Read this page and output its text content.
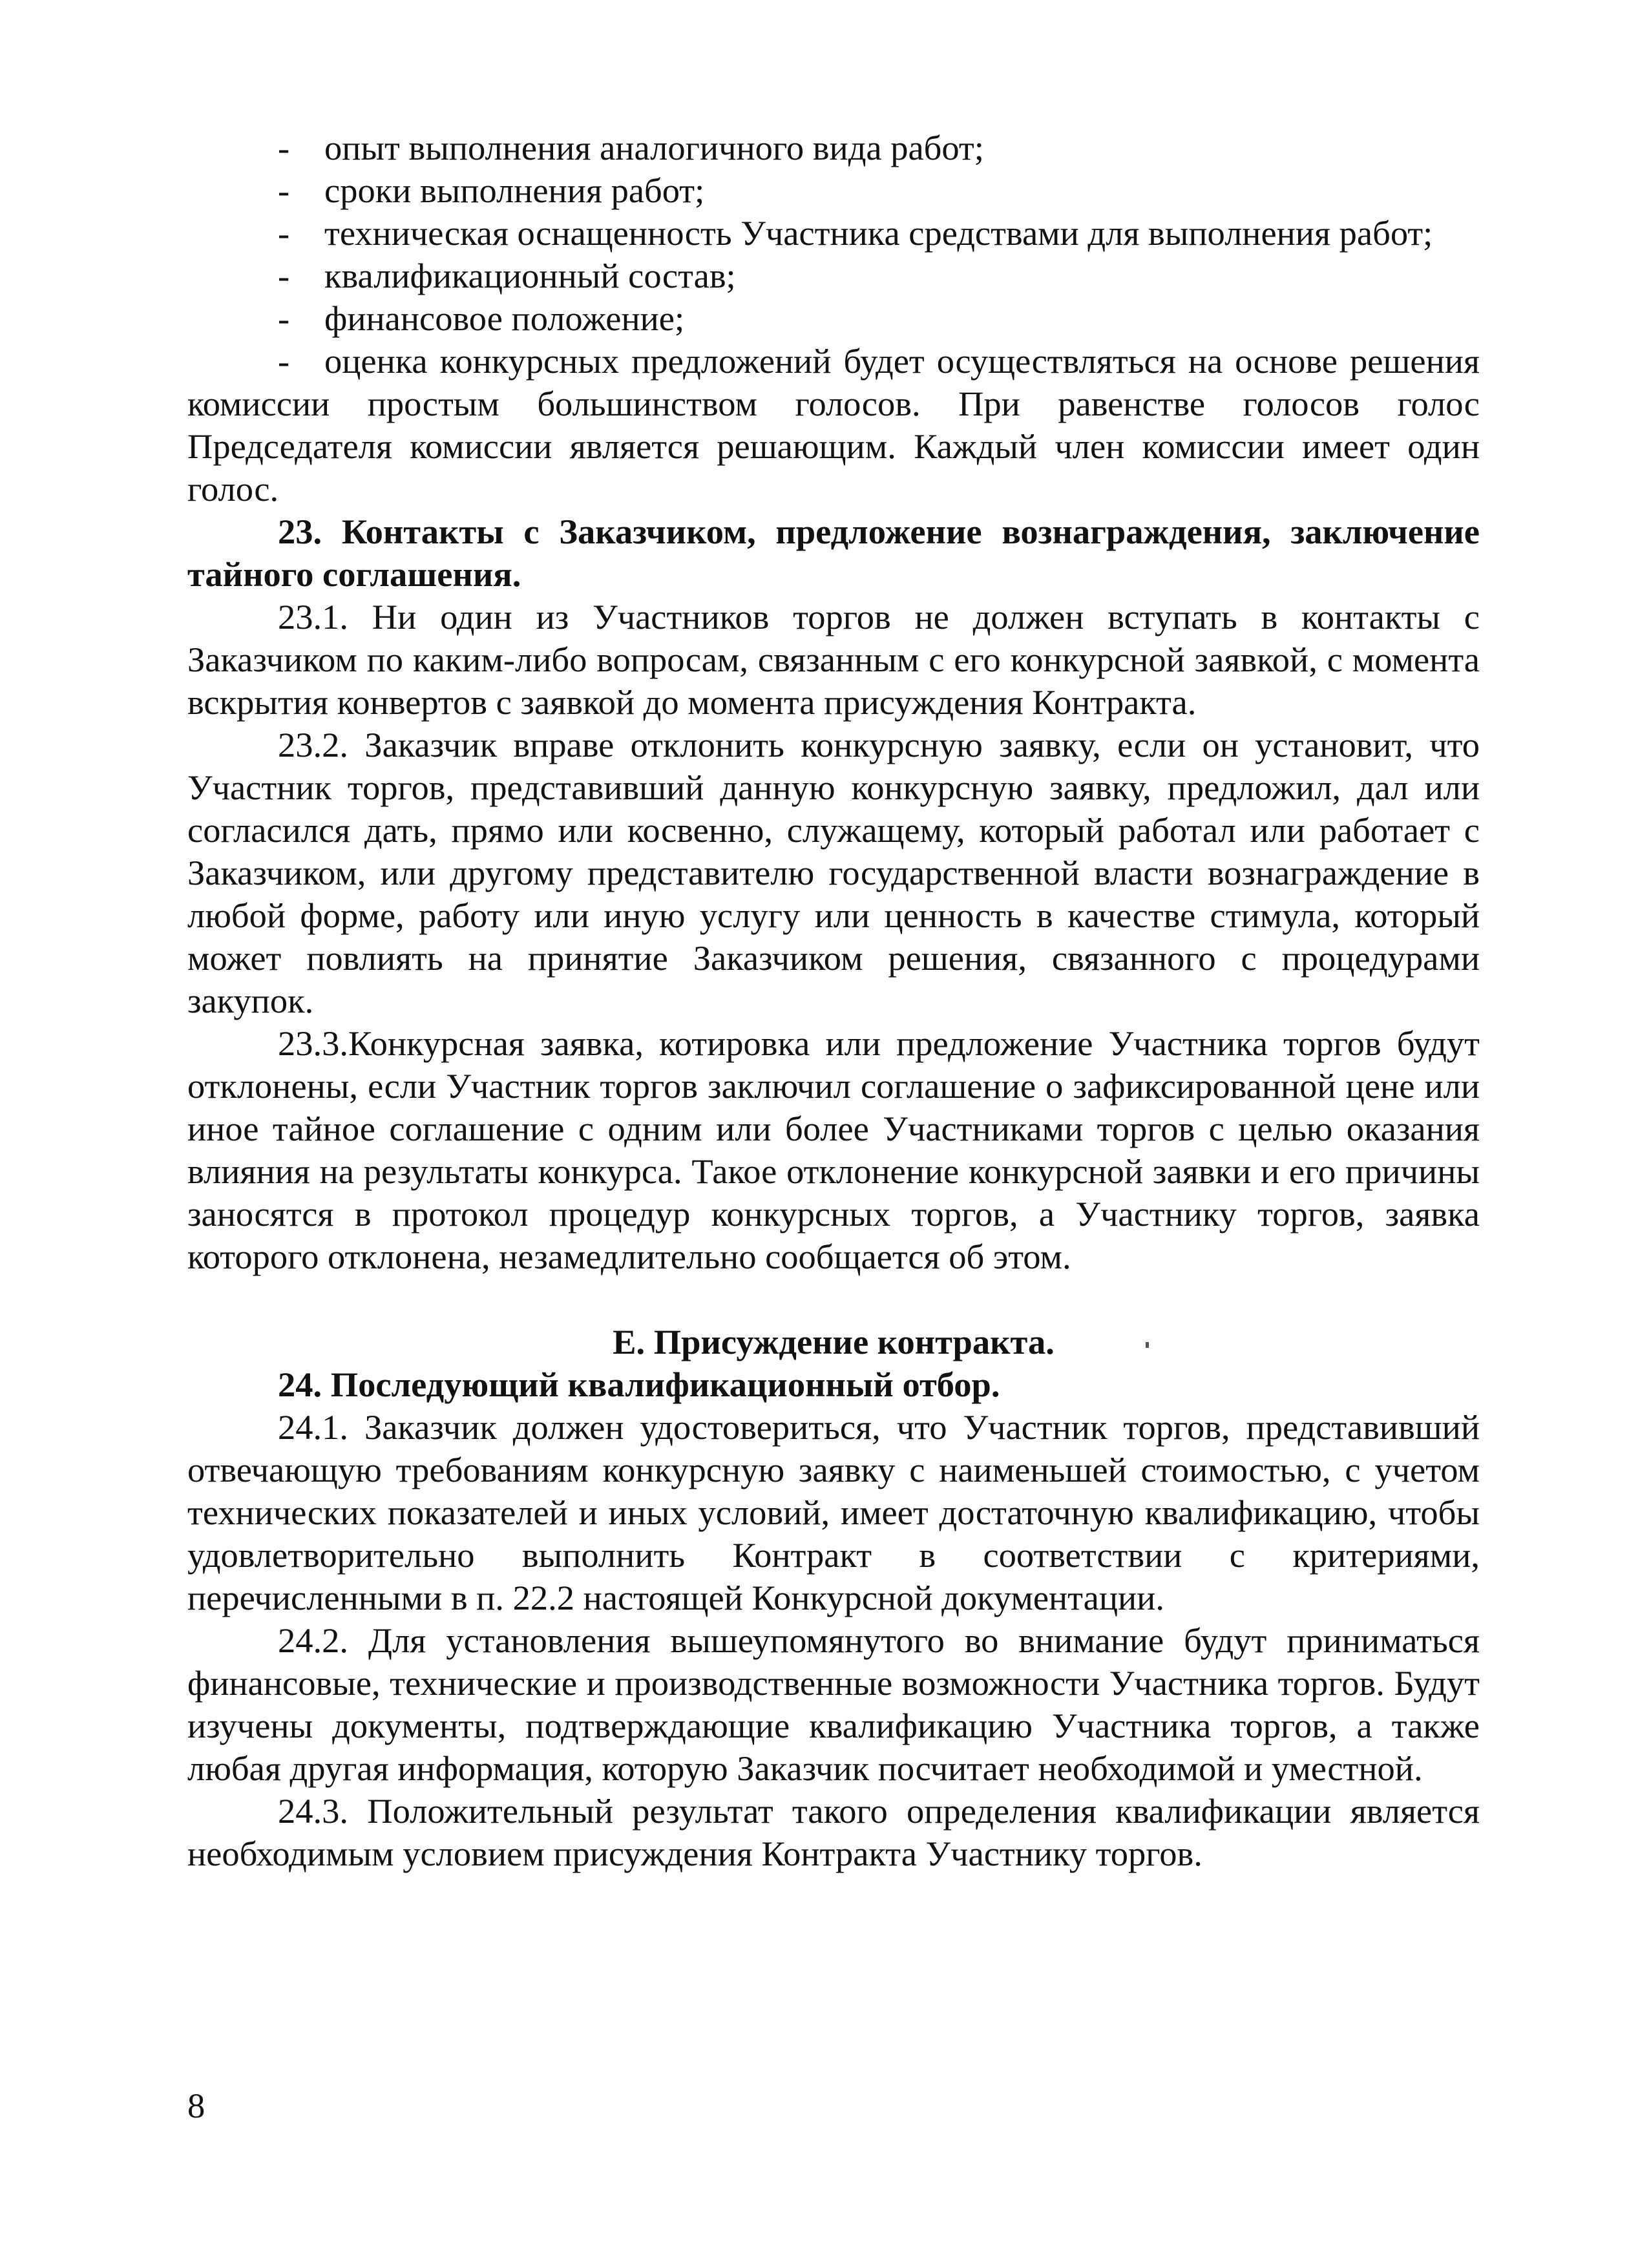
- опыт выполнения аналогичного вида работ;

- сроки выполнения работ;

- техническая оснащенность Участника средствами для выполнения работ;

- квалификационный состав;

- финансовое положение;

- оценка конкурсных предложений будет осуществляться на основе решения комиссии простым большинством голосов. При равенстве голосов голос Председателя комиссии является решающим. Каждый член комиссии имеет один голос.

23. Контакты с Заказчиком, предложение вознаграждения, заключение тайного соглашения.

23.1. Ни один из Участников торгов не должен вступать в контакты с Заказчиком по каким-либо вопросам, связанным с его конкурсной заявкой, с момента вскрытия конвертов с заявкой до момента присуждения Контракта.

23.2. Заказчик вправе отклонить конкурсную заявку, если он установит, что Участник торгов, представивший данную конкурсную заявку, предложил, дал или согласился дать, прямо или косвенно, служащему, который работал или работает с Заказчиком, или другому представителю государственной власти вознаграждение в любой форме, работу или иную услугу или ценность в качестве стимула, который может повлиять на принятие Заказчиком решения, связанного с процедурами закупок.

23.3.Конкурсная заявка, котировка или предложение Участника торгов будут отклонены, если Участник торгов заключил соглашение о зафиксированной цене или иное тайное соглашение с одним или более Участниками торгов с целью оказания влияния на результаты конкурса. Такое отклонение конкурсной заявки и его причины заносятся в протокол процедур конкурсных торгов, а Участнику торгов, заявка которого отклонена, незамедлительно сообщается об этом.

Е. Присуждение контракта.

24. Последующий квалификационный отбор.

24.1. Заказчик должен удостовериться, что Участник торгов, представивший отвечающую требованиям конкурсную заявку с наименьшей стоимостью, с учетом технических показателей и иных условий, имеет достаточную квалификацию, чтобы удовлетворительно выполнить Контракт в соответствии с критериями, перечисленными в п. 22.2 настоящей Конкурсной документации.

24.2. Для установления вышеупомянутого во внимание будут приниматься финансовые, технические и производственные возможности Участника торгов. Будут изучены документы, подтверждающие квалификацию Участника торгов, а также любая другая информация, которую Заказчик посчитает необходимой и уместной.

24.3. Положительный результат такого определения квалификации является необходимым условием присуждения Контракта Участнику торгов.

8
